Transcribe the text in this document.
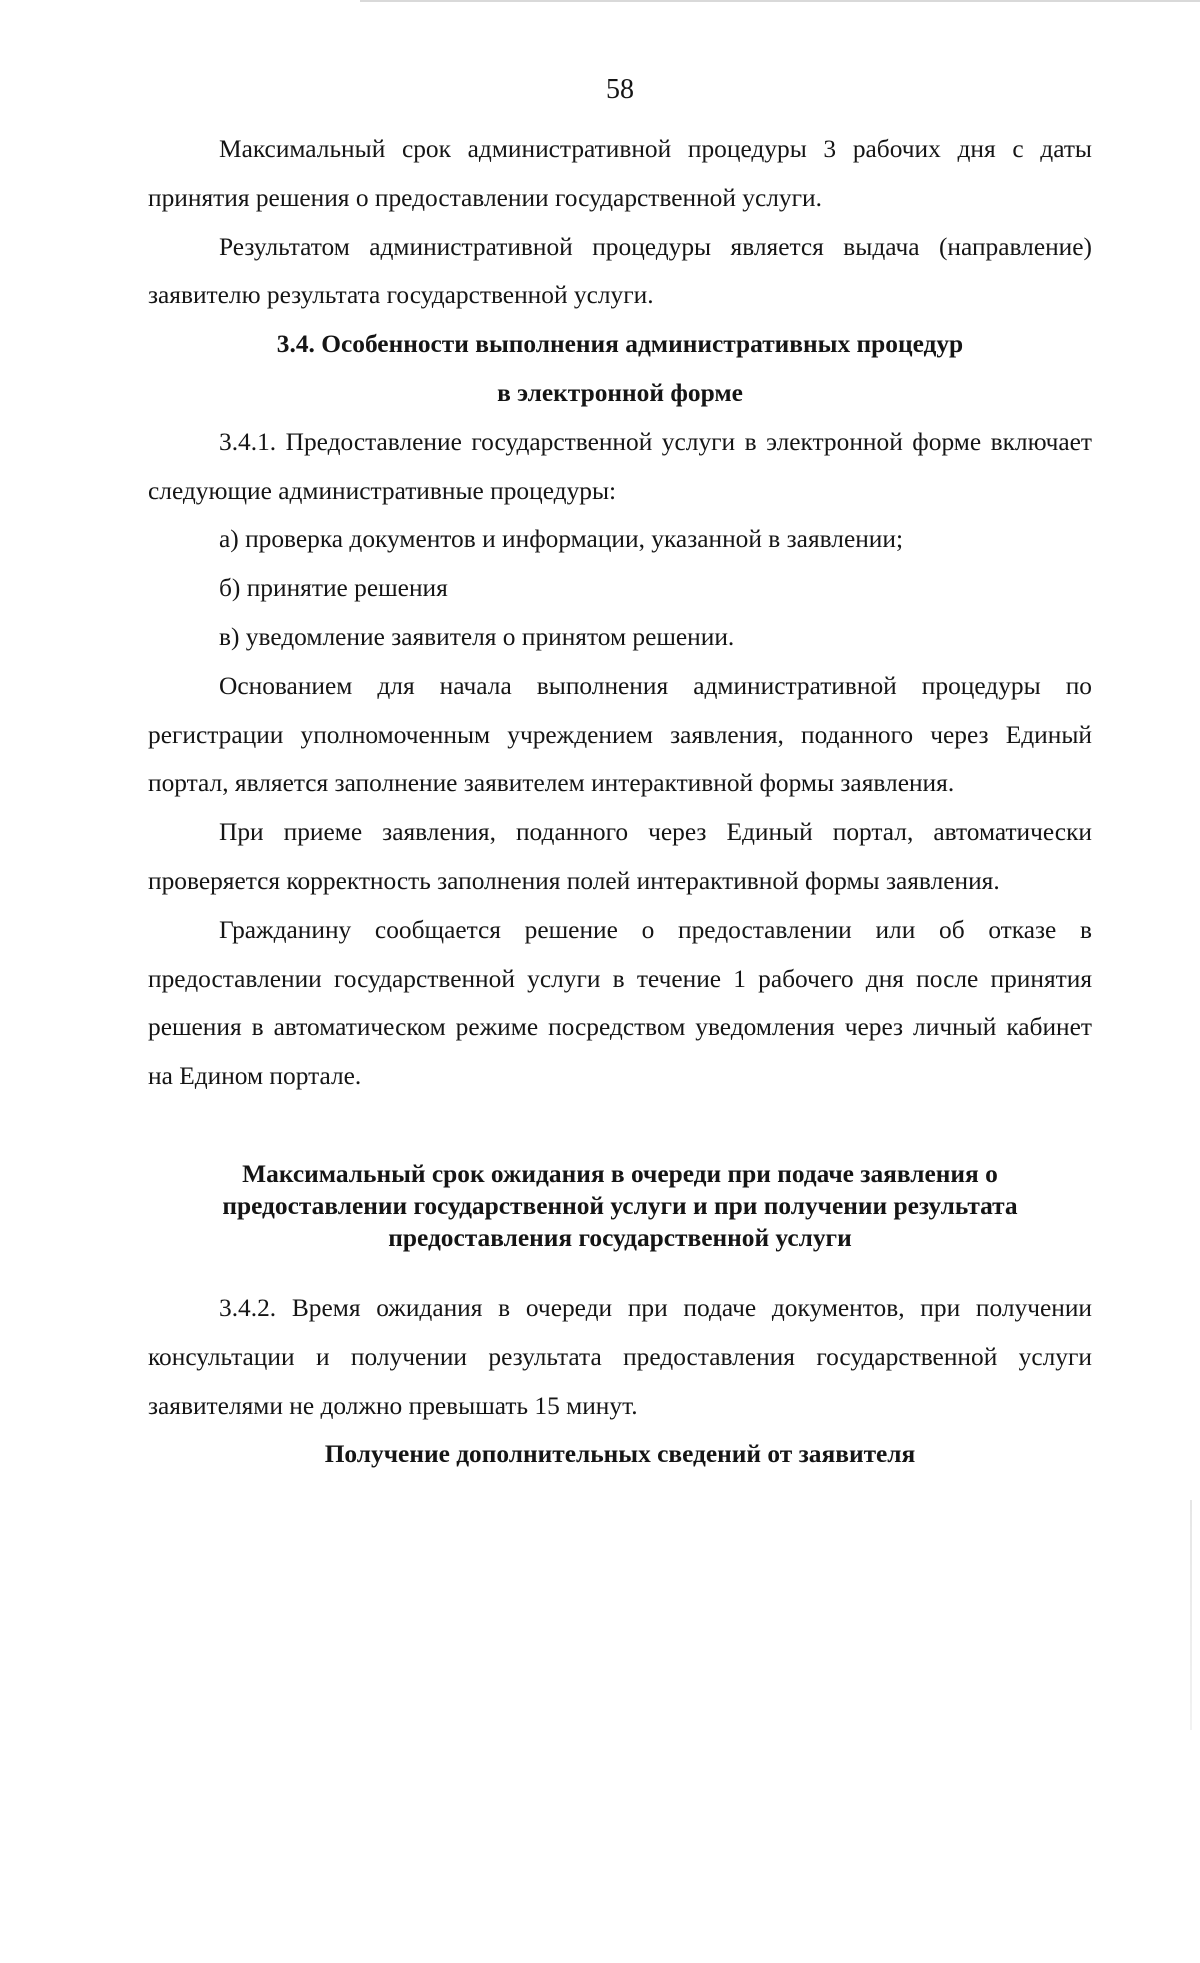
58

Максимальный срок административной процедуры 3 рабочих дня с даты принятия решения о предоставлении государственной услуги.

Результатом административной процедуры является выдача (направление) заявителю результата государственной услуги.

3.4. Особенности выполнения административных процедур

в электронной форме

3.4.1. Предоставление государственной услуги в электронной форме включает следующие административные процедуры:

а) проверка документов и информации, указанной в заявлении;

б) принятие решения

в) уведомление заявителя о принятом решении.

Основанием для начала выполнения административной процедуры по регистрации уполномоченным учреждением заявления, поданного через Единый портал, является заполнение заявителем интерактивной формы заявления.

При приеме заявления, поданного через Единый портал, автоматически проверяется корректность заполнения полей интерактивной формы заявления.

Гражданину сообщается решение о предоставлении или об отказе в предоставлении государственной услуги в течение 1 рабочего дня после принятия решения в автоматическом режиме посредством уведомления через личный кабинет на Едином портале.

Максимальный срок ожидания в очереди при подаче заявления о

предоставлении государственной услуги и при получении результата

предоставления государственной услуги

3.4.2. Время ожидания в очереди при подаче документов, при получении консультации и получении результата предоставления государственной услуги заявителями не должно превышать 15 минут.

Получение дополнительных сведений от заявителя
